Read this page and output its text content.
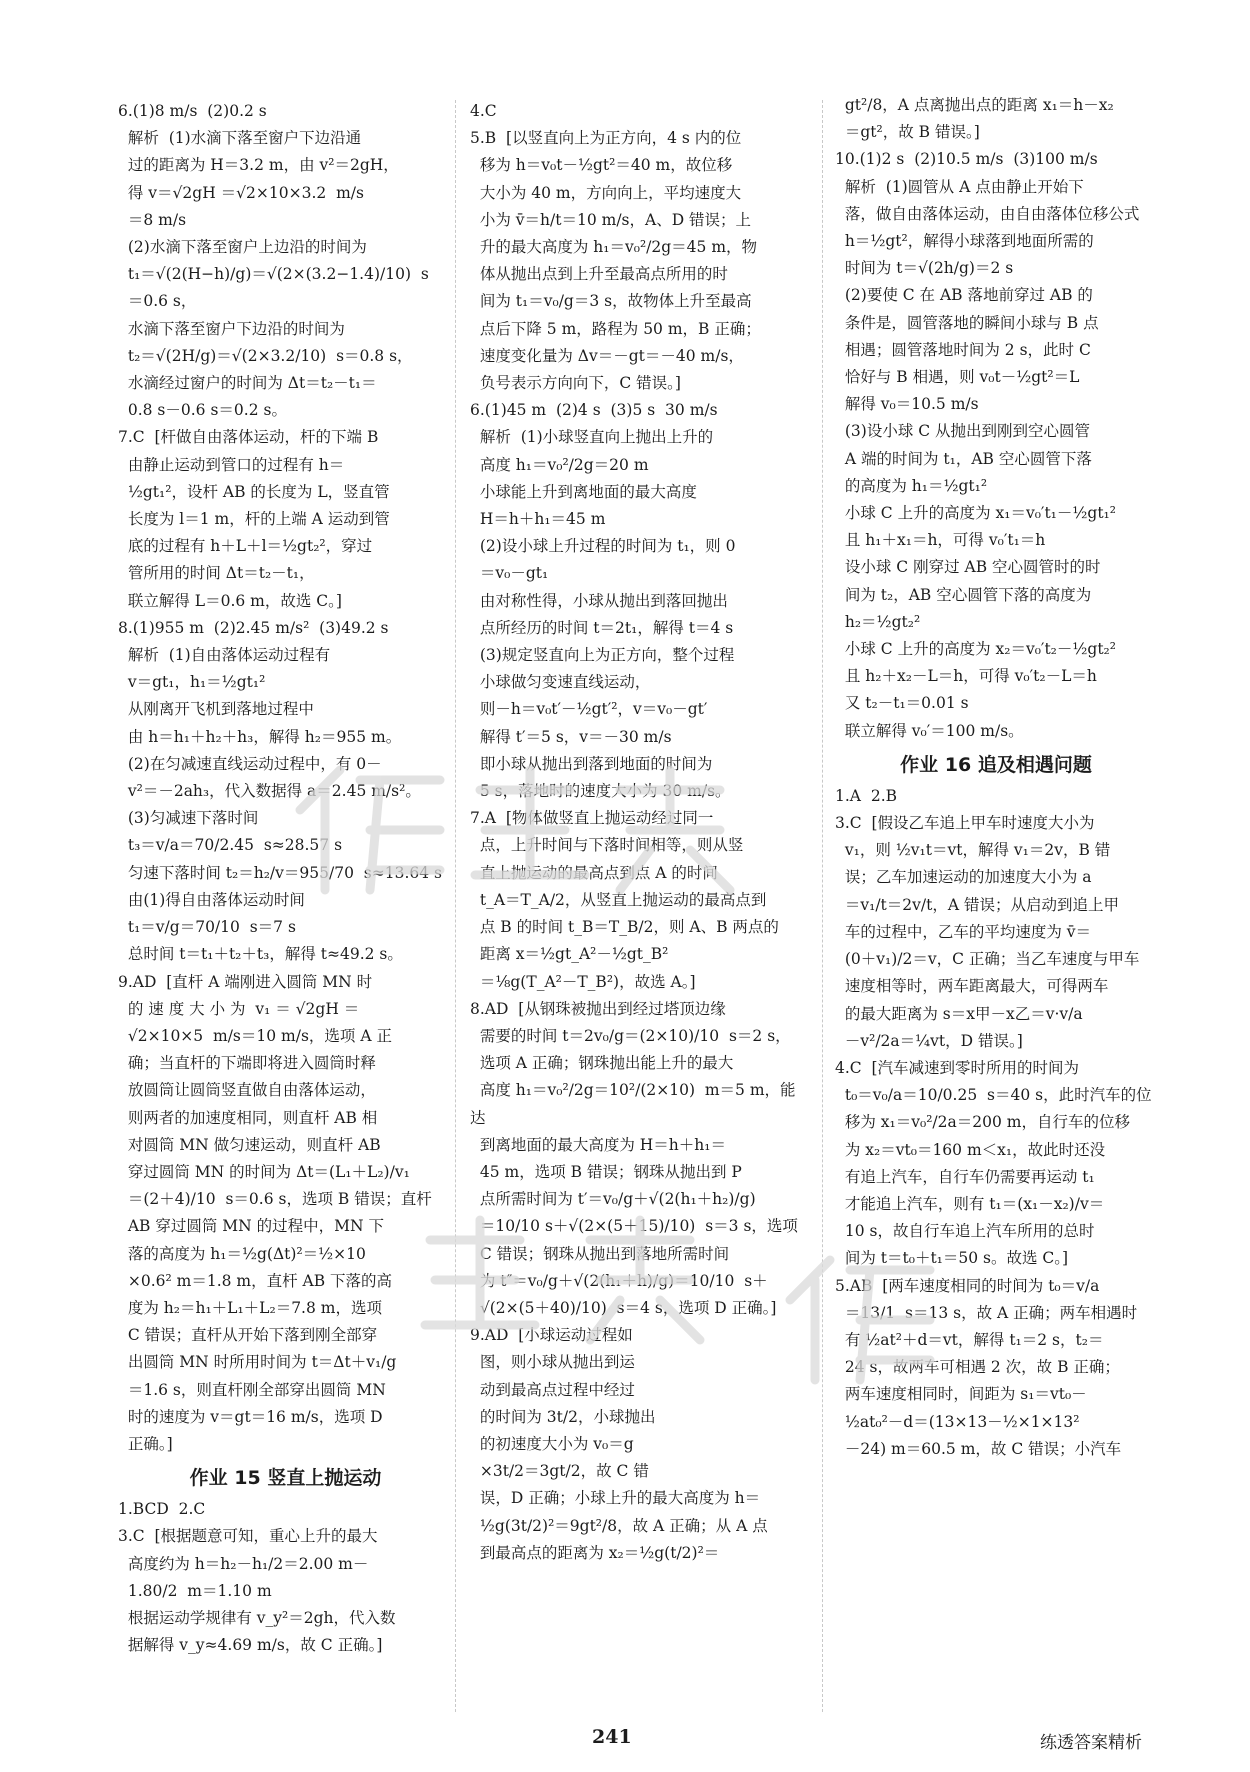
6.(1)8 m/s  (2)0.2 s
解析  (1)水滴下落至窗户下边沿通
过的距离为 H＝3.2 m，由 v²＝2gH，
得 v＝√2gH ＝√2×10×3.2  m/s
＝8 m/s
(2)水滴下落至窗户上边沿的时间为
t₁＝√(2(H−h)/g)＝√(2×(3.2−1.4)/10)  s
＝0.6 s，
水滴下落至窗户下边沿的时间为
t₂＝√(2H/g)＝√(2×3.2/10)  s＝0.8 s，
水滴经过窗户的时间为 Δt＝t₂－t₁＝
0.8 s－0.6 s＝0.2 s。
7.C  [杆做自由落体运动，杆的下端 B
由静止运动到管口的过程有 h＝
½gt₁²，设杆 AB 的长度为 L，竖直管
长度为 l＝1 m，杆的上端 A 运动到管
底的过程有 h＋L＋l＝½gt₂²，穿过
管所用的时间 Δt＝t₂－t₁，
联立解得 L＝0.6 m，故选 C。]
8.(1)955 m  (2)2.45 m/s²  (3)49.2 s
解析  (1)自由落体运动过程有
v＝gt₁，h₁＝½gt₁²
从刚离开飞机到落地过程中
由 h＝h₁＋h₂＋h₃，解得 h₂＝955 m。
(2)在匀减速直线运动过程中，有 0－
v²＝－2ah₃，代入数据得 a＝2.45 m/s²。
(3)匀减速下落时间
t₃＝v/a＝70/2.45  s≈28.57 s
匀速下落时间 t₂＝h₂/v＝955/70  s≈13.64 s
由(1)得自由落体运动时间
t₁＝v/g＝70/10  s＝7 s
总时间 t＝t₁＋t₂＋t₃，解得 t≈49.2 s。
9.AD  [直杆 A 端刚进入圆筒 MN 时
的 速 度 大 小 为  v₁ ＝ √2gH ＝
√2×10×5  m/s＝10 m/s，选项 A 正
确；当直杆的下端即将进入圆筒时释
放圆筒让圆筒竖直做自由落体运动，
则两者的加速度相同，则直杆 AB 相
对圆筒 MN 做匀速运动，则直杆 AB
穿过圆筒 MN 的时间为 Δt＝(L₁＋L₂)/v₁
＝(2＋4)/10  s＝0.6 s，选项 B 错误；直杆
AB 穿过圆筒 MN 的过程中，MN 下
落的高度为 h₁＝½g(Δt)²＝½×10
×0.6² m＝1.8 m，直杆 AB 下落的高
度为 h₂＝h₁＋L₁＋L₂＝7.8 m，选项
C 错误；直杆从开始下落到刚全部穿
出圆筒 MN 时所用时间为 t＝Δt＋v₁/g
＝1.6 s，则直杆刚全部穿出圆筒 MN
时的速度为 v＝gt＝16 m/s，选项 D
正确。]
作业 15 竖直上抛运动
1.BCD  2.C
3.C  [根据题意可知，重心上升的最大
高度约为 h＝h₂－h₁/2＝2.00 m－
1.80/2  m＝1.10 m
根据运动学规律有 v_y²＝2gh，代入数
据解得 v_y≈4.69 m/s，故 C 正确。]
4.C
5.B  [以竖直向上为正方向，4 s 内的位
移为 h＝v₀t－½gt²＝40 m，故位移
大小为 40 m，方向向上，平均速度大
小为 v̄＝h/t＝10 m/s，A、D 错误；上
升的最大高度为 h₁＝v₀²/2g＝45 m，物
体从抛出点到上升至最高点所用的时
间为 t₁＝v₀/g＝3 s，故物体上升至最高
点后下降 5 m，路程为 50 m，B 正确；
速度变化量为 Δv＝－gt＝－40 m/s，
负号表示方向向下，C 错误。]
6.(1)45 m  (2)4 s  (3)5 s  30 m/s
解析  (1)小球竖直向上抛出上升的
高度 h₁＝v₀²/2g＝20 m
小球能上升到离地面的最大高度
H＝h＋h₁＝45 m
(2)设小球上升过程的时间为 t₁，则 0
＝v₀－gt₁
由对称性得，小球从抛出到落回抛出
点所经历的时间 t＝2t₁，解得 t＝4 s
(3)规定竖直向上为正方向，整个过程
小球做匀变速直线运动，
则－h＝v₀t′－½gt′²，v＝v₀－gt′
解得 t′＝5 s，v＝－30 m/s
即小球从抛出到落到地面的时间为
5 s，落地时的速度大小为 30 m/s。
7.A  [物体做竖直上抛运动经过同一
点，上升时间与下落时间相等，则从竖
直上抛运动的最高点到点 A 的时间
t_A＝T_A/2，从竖直上抛运动的最高点到
点 B 的时间 t_B＝T_B/2，则 A、B 两点的
距离 x＝½gt_A²－½gt_B²
＝⅛g(T_A²－T_B²)，故选 A。]
8.AD  [从钢珠被抛出到经过塔顶边缘
需要的时间 t＝2v₀/g＝(2×10)/10  s＝2 s，
选项 A 正确；钢珠抛出能上升的最大
高度 h₁＝v₀²/2g＝10²/(2×10)  m＝5 m，能达
到离地面的最大高度为 H＝h＋h₁＝
45 m，选项 B 错误；钢珠从抛出到 P
点所需时间为 t′＝v₀/g＋√(2(h₁＋h₂)/g)
＝10/10 s＋√(2×(5＋15)/10)  s＝3 s，选项
C 错误；钢珠从抛出到落地所需时间
为 t″＝v₀/g＋√(2(h₁＋h)/g)＝10/10  s＋
√(2×(5＋40)/10)  s＝4 s，选项 D 正确。]
9.AD  [小球运动过程如
图，则小球从抛出到运
动到最高点过程中经过
的时间为 3t/2，小球抛出
的初速度大小为 v₀＝g
×3t/2＝3gt/2，故 C 错
误，D 正确；小球上升的最大高度为 h＝
½g(3t/2)²＝9gt²/8，故 A 正确；从 A 点
到最高点的距离为 x₂＝½g(t/2)²＝
gt²/8，A 点离抛出点的距离 x₁＝h－x₂
＝gt²，故 B 错误。]
10.(1)2 s  (2)10.5 m/s  (3)100 m/s
解析  (1)圆管从 A 点由静止开始下
落，做自由落体运动，由自由落体位移公式
h＝½gt²，解得小球落到地面所需的
时间为 t＝√(2h/g)＝2 s
(2)要使 C 在 AB 落地前穿过 AB 的
条件是，圆管落地的瞬间小球与 B 点
相遇；圆管落地时间为 2 s，此时 C
恰好与 B 相遇，则 v₀t－½gt²＝L
解得 v₀＝10.5 m/s
(3)设小球 C 从抛出到刚到空心圆管
A 端的时间为 t₁，AB 空心圆管下落
的高度为 h₁＝½gt₁²
小球 C 上升的高度为 x₁＝v₀′t₁－½gt₁²
且 h₁＋x₁＝h，可得 v₀′t₁＝h
设小球 C 刚穿过 AB 空心圆管时的时
间为 t₂，AB 空心圆管下落的高度为
h₂＝½gt₂²
小球 C 上升的高度为 x₂＝v₀′t₂－½gt₂²
且 h₂＋x₂－L＝h，可得 v₀′t₂－L＝h
又 t₂－t₁＝0.01 s
联立解得 v₀′＝100 m/s。
作业 16 追及相遇问题
1.A  2.B
3.C  [假设乙车追上甲车时速度大小为
v₁，则 ½v₁t＝vt，解得 v₁＝2v，B 错
误；乙车加速运动的加速度大小为 a
＝v₁/t＝2v/t，A 错误；从启动到追上甲
车的过程中，乙车的平均速度为 v̄＝
(0＋v₁)/2＝v，C 正确；当乙车速度与甲车
速度相等时，两车距离最大，可得两车
的最大距离为 s＝x甲－x乙＝v·v/a
－v²/2a＝¼vt，D 错误。]
4.C  [汽车减速到零时所用的时间为
t₀＝v₀/a＝10/0.25  s＝40 s，此时汽车的位
移为 x₁＝v₀²/2a＝200 m，自行车的位移
为 x₂＝vt₀＝160 m＜x₁，故此时还没
有追上汽车，自行车仍需要再运动 t₁
才能追上汽车，则有 t₁＝(x₁－x₂)/v＝
10 s，故自行车追上汽车所用的总时
间为 t＝t₀＋t₁＝50 s。故选 C。]
5.AB  [两车速度相同的时间为 t₀＝v/a
＝13/1  s＝13 s，故 A 正确；两车相遇时
有 ½at²＋d＝vt，解得 t₁＝2 s，t₂＝
24 s，故两车可相遇 2 次，故 B 正确；
两车速度相同时，间距为 s₁＝vt₀－
½at₀²－d＝(13×13－½×1×13²
－24) m＝60.5 m，故 C 错误；小汽车
241	练透答案精析
